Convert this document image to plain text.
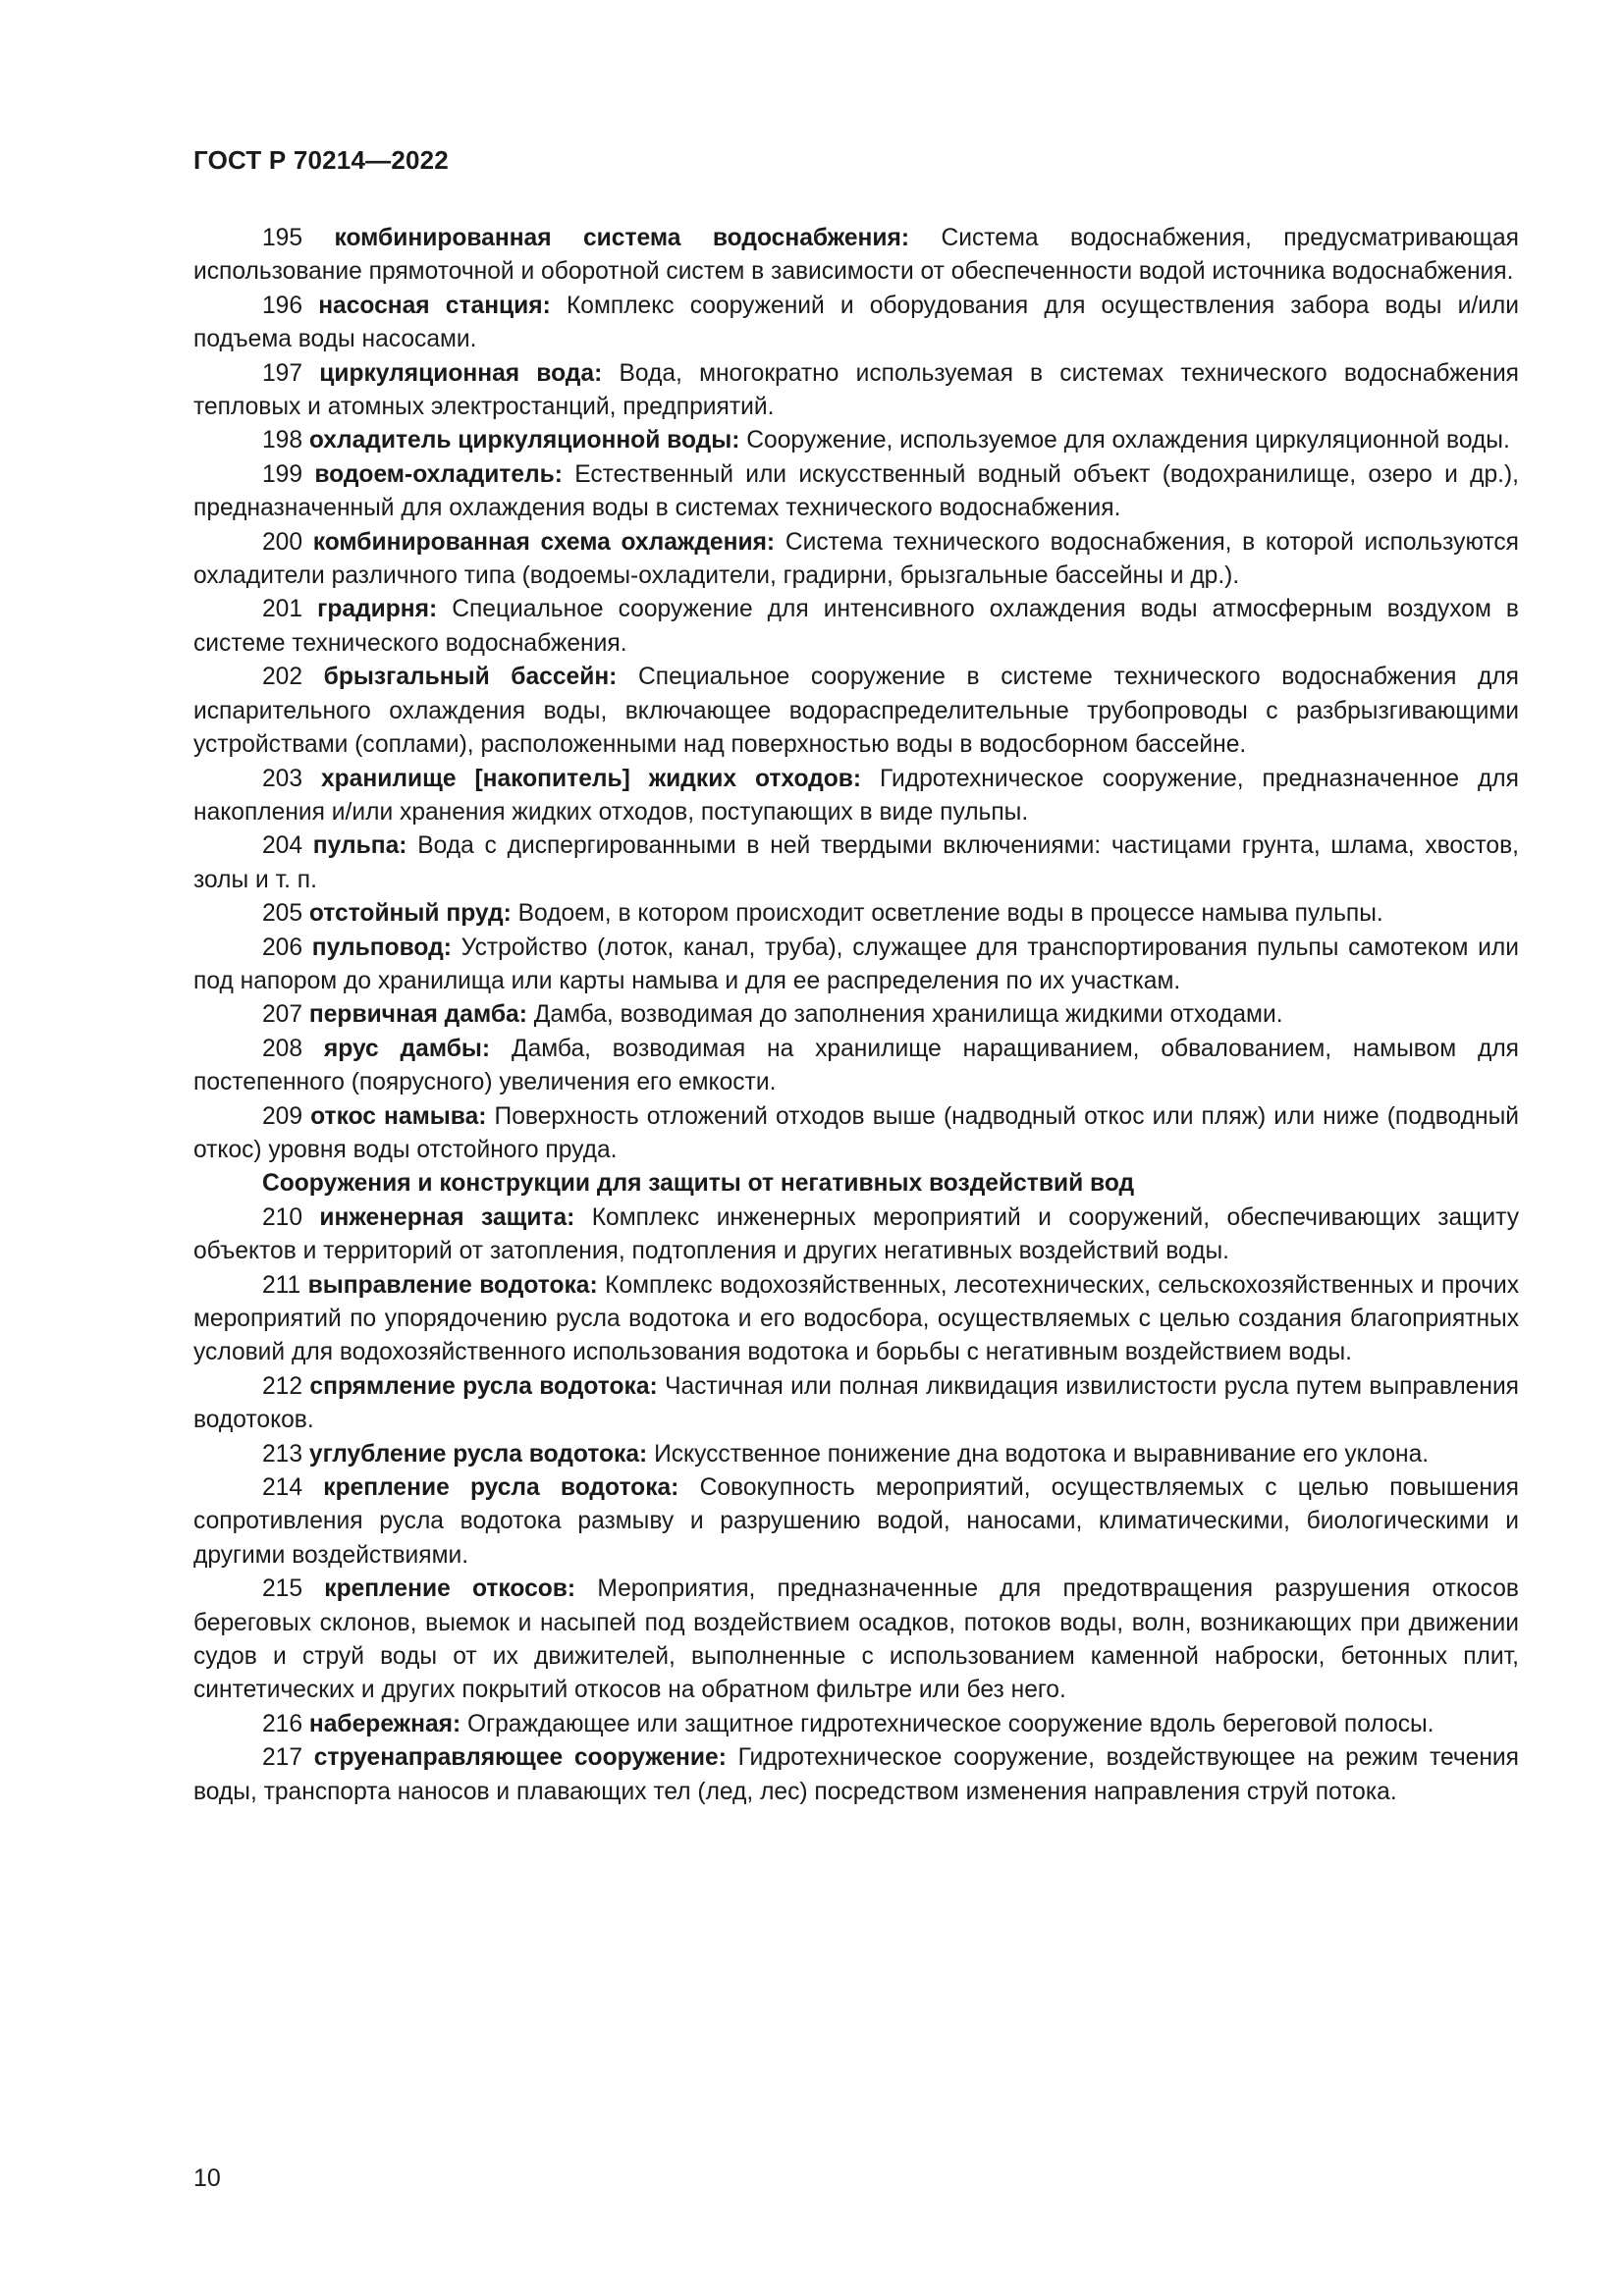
ГОСТ Р 70214—2022

195 комбинированная система водоснабжения: Система водоснабжения, предусматривающая использование прямоточной и оборотной систем в зависимости от обеспеченности водой источника водоснабжения.

196 насосная станция: Комплекс сооружений и оборудования для осуществления забора воды и/или подъема воды насосами.

197 циркуляционная вода: Вода, многократно используемая в системах технического водоснабжения тепловых и атомных электростанций, предприятий.

198 охладитель циркуляционной воды: Сооружение, используемое для охлаждения циркуляционной воды.

199 водоем-охладитель: Естественный или искусственный водный объект (водохранилище, озеро и др.), предназначенный для охлаждения воды в системах технического водоснабжения.

200 комбинированная схема охлаждения: Система технического водоснабжения, в которой используются охладители различного типа (водоемы-охладители, градирни, брызгальные бассейны и др.).

201 градирня: Специальное сооружение для интенсивного охлаждения воды атмосферным воздухом в системе технического водоснабжения.

202 брызгальный бассейн: Специальное сооружение в системе технического водоснабжения для испарительного охлаждения воды, включающее водораспределительные трубопроводы с разбрызгивающими устройствами (соплами), расположенными над поверхностью воды в водосборном бассейне.

203 хранилище [накопитель] жидких отходов: Гидротехническое сооружение, предназначенное для накопления и/или хранения жидких отходов, поступающих в виде пульпы.

204 пульпа: Вода с диспергированными в ней твердыми включениями: частицами грунта, шлама, хвостов, золы и т. п.

205 отстойный пруд: Водоем, в котором происходит осветление воды в процессе намыва пульпы.

206 пульповод: Устройство (лоток, канал, труба), служащее для транспортирования пульпы самотеком или под напором до хранилища или карты намыва и для ее распределения по их участкам.

207 первичная дамба: Дамба, возводимая до заполнения хранилища жидкими отходами.

208 ярус дамбы: Дамба, возводимая на хранилище наращиванием, обвалованием, намывом для постепенного (поярусного) увеличения его емкости.

209 откос намыва: Поверхность отложений отходов выше (надводный откос или пляж) или ниже (подводный откос) уровня воды отстойного пруда.

Сооружения и конструкции для защиты от негативных воздействий вод

210 инженерная защита: Комплекс инженерных мероприятий и сооружений, обеспечивающих защиту объектов и территорий от затопления, подтопления и других негативных воздействий воды.

211 выправление водотока: Комплекс водохозяйственных, лесотехнических, сельскохозяйственных и прочих мероприятий по упорядочению русла водотока и его водосбора, осуществляемых с целью создания благоприятных условий для водохозяйственного использования водотока и борьбы с негативным воздействием воды.

212 спрямление русла водотока: Частичная или полная ликвидация извилистости русла путем выправления водотоков.

213 углубление русла водотока: Искусственное понижение дна водотока и выравнивание его уклона.

214 крепление русла водотока: Совокупность мероприятий, осуществляемых с целью повышения сопротивления русла водотока размыву и разрушению водой, наносами, климатическими, биологическими и другими воздействиями.

215 крепление откосов: Мероприятия, предназначенные для предотвращения разрушения откосов береговых склонов, выемок и насыпей под воздействием осадков, потоков воды, волн, возникающих при движении судов и струй воды от их движителей, выполненные с использованием каменной наброски, бетонных плит, синтетических и других покрытий откосов на обратном фильтре или без него.

216 набережная: Ограждающее или защитное гидротехническое сооружение вдоль береговой полосы.

217 струенаправляющее сооружение: Гидротехническое сооружение, воздействующее на режим течения воды, транспорта наносов и плавающих тел (лед, лес) посредством изменения направления струй потока.

10
